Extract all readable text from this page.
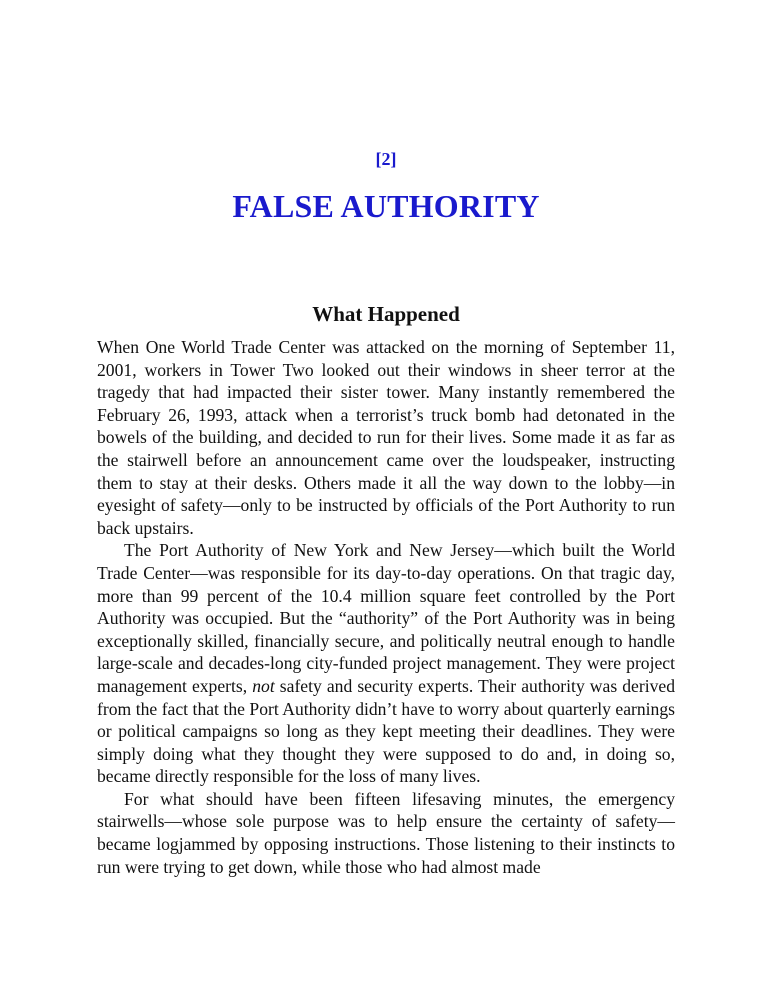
[2]
FALSE AUTHORITY
What Happened

When One World Trade Center was attacked on the morning of September 11, 2001, workers in Tower Two looked out their windows in sheer terror at the tragedy that had impacted their sister tower. Many instantly remembered the February 26, 1993, attack when a terrorist’s truck bomb had detonated in the bowels of the building, and decided to run for their lives. Some made it as far as the stairwell before an announcement came over the loudspeaker, instructing them to stay at their desks. Others made it all the way down to the lobby—in eyesight of safety—only to be instructed by officials of the Port Authority to run back upstairs.

The Port Authority of New York and New Jersey—which built the World Trade Center—was responsible for its day-to-day operations. On that tragic day, more than 99 percent of the 10.4 million square feet controlled by the Port Authority was occupied. But the “authority” of the Port Authority was in being exceptionally skilled, financially secure, and politically neutral enough to handle large-scale and decades-long city-funded project management. They were project management experts, not safety and security experts. Their authority was derived from the fact that the Port Authority didn’t have to worry about quarterly earnings or political campaigns so long as they kept meeting their deadlines. They were simply doing what they thought they were supposed to do and, in doing so, became directly responsible for the loss of many lives.

For what should have been fifteen lifesaving minutes, the emergency stairwells—whose sole purpose was to help ensure the certainty of safety—became logjammed by opposing instructions. Those listening to their instincts to run were trying to get down, while those who had almost made
